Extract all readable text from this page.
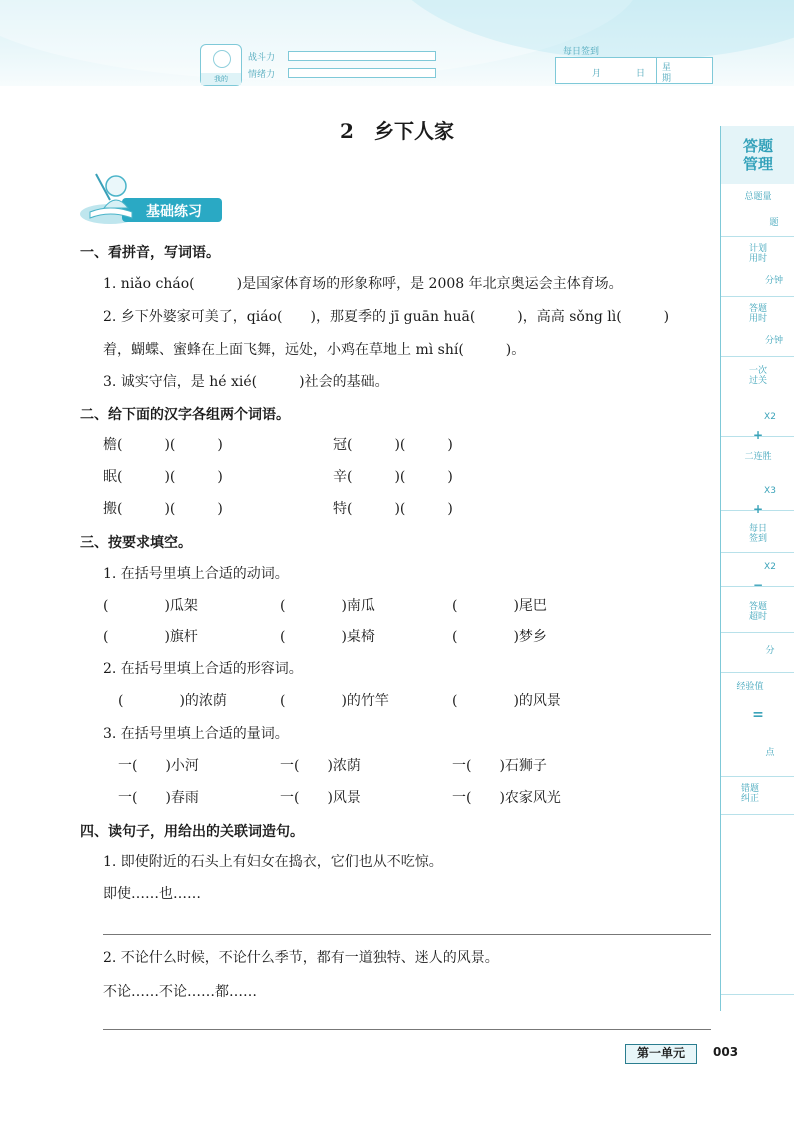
我的
战斗力
情绪力
每日签到
月	日
星
期
2　乡下人家
基础练习
答题
管理
总题量
题
计划
用时
分钟
答题
用时
分钟
一次
过关
X2
+
二连胜
X3
+
每日
签到
X2
−
答题
超时
分
经验值
=
点
错题
纠正
一、看拼音，写词语。
1. niǎo cháo(　　　)是国家体育场的形象称呼，是 2008 年北京奥运会主体育场。
2. 乡下外婆家可美了，qiáo(　　)，那夏季的 jī guān huā(　　　)，高高 sǒng lì(　　　)
着，蝴蝶、蜜蜂在上面飞舞，远处，小鸡在草地上 mì shí(　　　)。
3. 诚实守信，是 hé xié(　　　)社会的基础。
二、给下面的汉字各组两个词语。
檐(　　　)(　　　)	冠(　　　)(　　　)
眠(　　　)(　　　)	辛(　　　)(　　　)
搬(　　　)(　　　)	特(　　　)(　　　)
三、按要求填空。
1. 在括号里填上合适的动词。
(　　　　)瓜架	(　　　　)南瓜	(　　　　)尾巴
(　　　　)旗杆	(　　　　)桌椅	(　　　　)梦乡
2. 在括号里填上合适的形容词。
(　　　　)的浓荫	(　　　　)的竹竿	(　　　　)的风景
3. 在括号里填上合适的量词。
一(　　)小河	一(　　)浓荫	一(　　)石狮子
一(　　)春雨	一(　　)风景	一(　　)农家风光
四、读句子，用给出的关联词造句。
1. 即使附近的石头上有妇女在捣衣，它们也从不吃惊。
即使……也……
2. 不论什么时候，不论什么季节，都有一道独特、迷人的风景。
不论……不论……都……
第一单元	003
